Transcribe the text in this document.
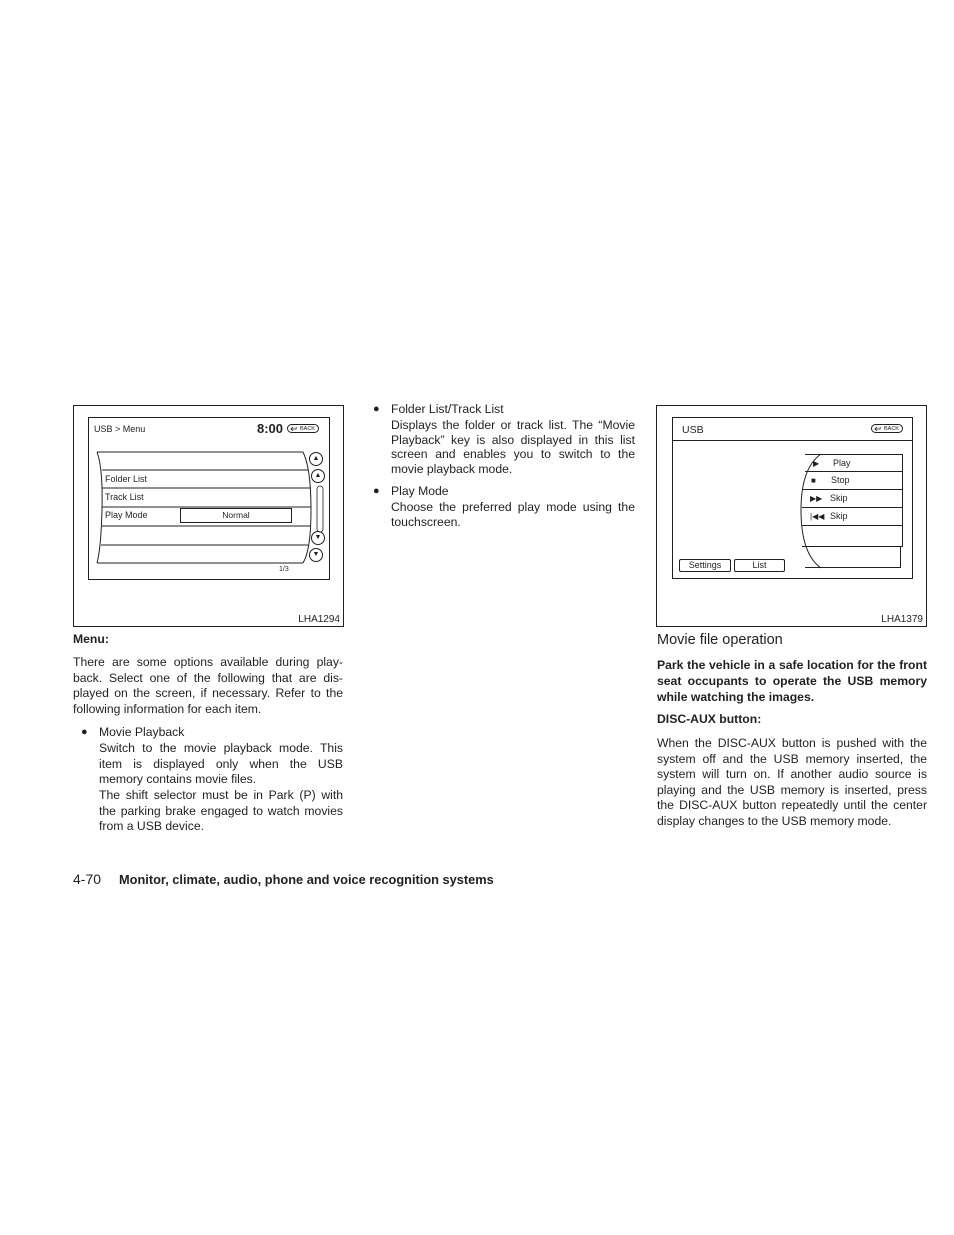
USB > Menu	8:00	BACK
Folder List
Track List
Play Mode	Normal
▲
▲
▼
▼
1/3
LHA1294
Menu:
There are some options available during play-back. Select one of the following that are dis-played on the screen, if necessary. Refer to the following information for each item.
● Movie Playback
Switch to the movie playback mode. This item is displayed only when the USB memory contains movie files.
The shift selector must be in Park (P) with the parking brake engaged to watch movies from a USB device.
● Folder List/Track List
Displays the folder or track list. The “Movie Playback” key is also displayed in this list screen and enables you to switch to the movie playback mode.
● Play Mode
Choose the preferred play mode using the touchscreen.
USB	BACK
▶ Play
■ Stop
▶▶ Skip
|◀◀ Skip
Settings	List
LHA1379
Movie file operation
Park the vehicle in a safe location for the front seat occupants to operate the USB memory while watching the images.
DISC-AUX button:
When the DISC-AUX button is pushed with the system off and the USB memory inserted, the system will turn on. If another audio source is playing and the USB memory is inserted, press the DISC-AUX button repeatedly until the center display changes to the USB memory mode.
4-70 Monitor, climate, audio, phone and voice recognition systems
